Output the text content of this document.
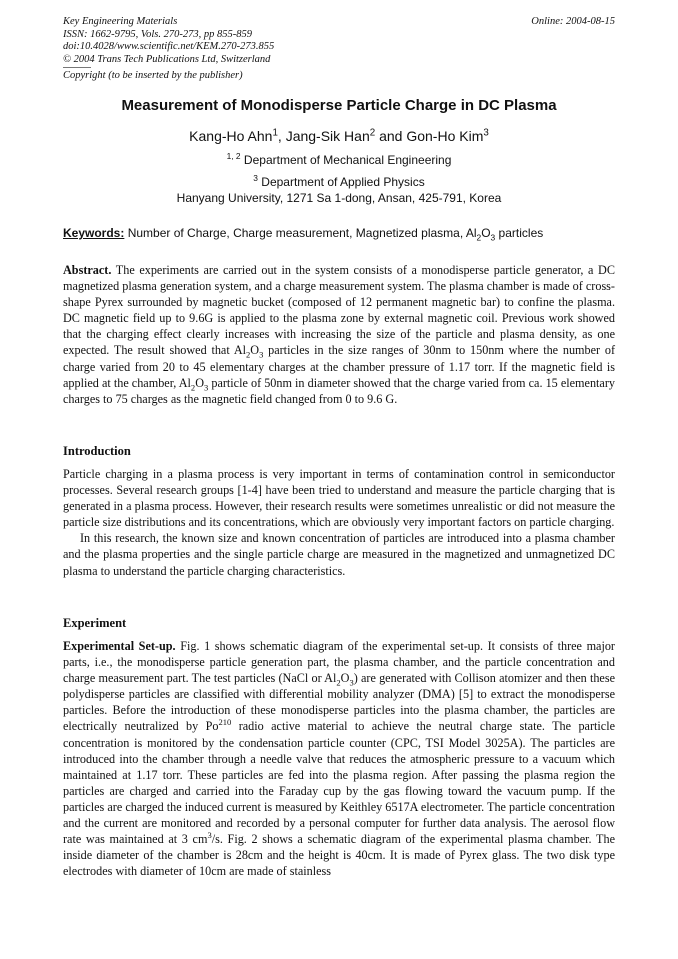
Key Engineering Materials
ISSN: 1662-9795, Vols. 270-273, pp 855-859
doi:10.4028/www.scientific.net/KEM.270-273.855
© 2004 Trans Tech Publications Ltd, Switzerland
Copyright (to be inserted by the publisher)
Online: 2004-08-15
Measurement of Monodisperse Particle Charge in DC Plasma
Kang-Ho Ahn$^1$, Jang-Sik Han$^2$ and Gon-Ho Kim$^3$
$^{1, 2}$ Department of Mechanical Engineering
$^3$ Department of Applied Physics
Hanyang University, 1271 Sa 1-dong, Ansan, 425-791, Korea
Keywords: Number of Charge, Charge measurement, Magnetized plasma, $Al_2O_3$ particles

Abstract. The experiments are carried out in the system consists of a monodisperse particle generator, a DC magnetized plasma generation system, and a charge measurement system. The plasma chamber is made of cross-shape Pyrex surrounded by magnetic bucket (composed of 12 permanent magnetic bar) to confine the plasma. DC magnetic field up to 9.6G is applied to the plasma zone by external magnetic coil. Previous work showed that the charging effect clearly increases with increasing the size of the particle and plasma density, as one expected. The result showed that $Al_2O_3$ particles in the size ranges of 30nm to 150nm where the number of charge varied from 20 to 45 elementary charges at the chamber pressure of 1.17 torr. If the magnetic field is applied at the chamber, $Al_2O_3$ particle of 50nm in diameter showed that the charge varied from ca. 15 elementary charges to 75 charges as the magnetic field changed from 0 to 9.6 G.

Introduction

Particle charging in a plasma process is very important in terms of contamination control in semiconductor processes. Several research groups [1-4] have been tried to understand and measure the particle charging that is generated in a plasma process. However, their research results were sometimes unrealistic or did not measure the particle size distributions and its concentrations, which are obviously very important factors on particle charging.

In this research, the known size and known concentration of particles are introduced into a plasma chamber and the plasma properties and the single particle charge are measured in the magnetized and unmagnetized DC plasma to understand the particle charging characteristics.

Experiment

Experimental Set-up. Fig. 1 shows schematic diagram of the experimental set-up. It consists of three major parts, i.e., the monodisperse particle generation part, the plasma chamber, and the particle concentration and charge measurement part. The test particles (NaCl or $Al_2O_3$) are generated with Collison atomizer and then these polydisperse particles are classified with differential mobility analyzer (DMA) [5] to extract the monodisperse particles. Before the introduction of these monodisperse particles into the plasma chamber, the particles are electrically neutralized by Po$^{210}$ radio active material to achieve the neutral charge state. The particle concentration is monitored by the condensation particle counter (CPC, TSI Model 3025A). The particles are introduced into the chamber through a needle valve that reduces the atmospheric pressure to a vacuum which maintained at 1.17 torr. These particles are fed into the plasma region. After passing the plasma region the particles are charged and carried into the Faraday cup by the gas flowing toward the vacuum pump. If the particles are charged the induced current is measured by Keithley 6517A electrometer. The particle concentration and the current are monitored and recorded by a personal computer for further data analysis. The aerosol flow rate was maintained at 3 $cm^3/s$. Fig. 2 shows a schematic diagram of the experimental plasma chamber. The inside diameter of the chamber is 28cm and the height is 40cm. It is made of Pyrex glass. The two disk type electrodes with diameter of 10cm are made of stainless
